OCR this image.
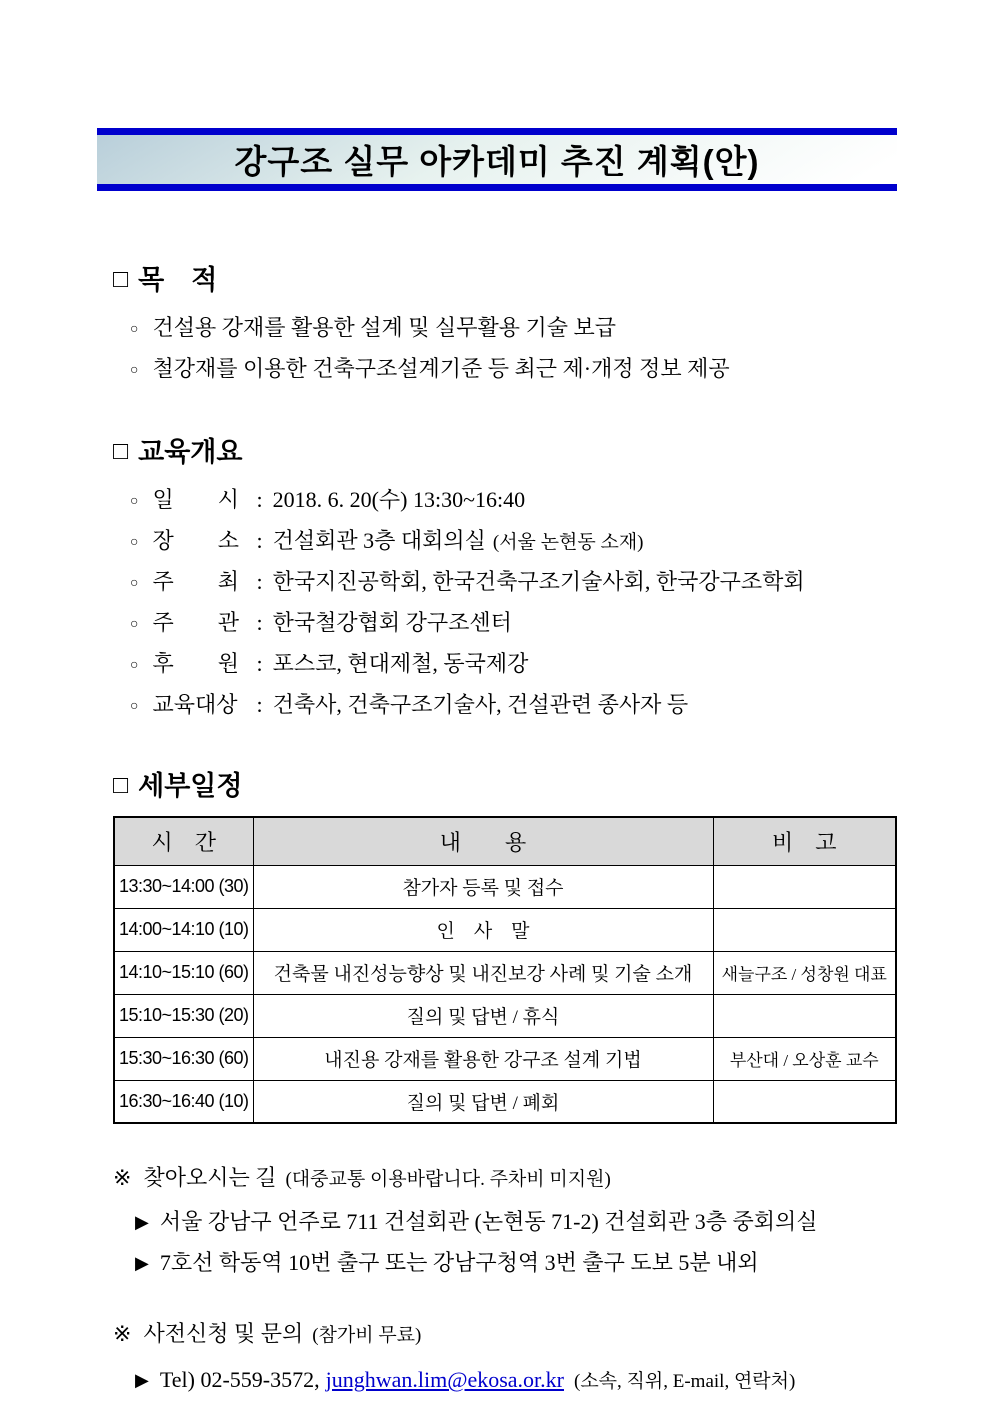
강구조 실무 아카데미 추진 계획(안)
□ 목　적
○ 건설용 강재를 활용한 설계 및 실무활용 기술 보급
○ 철강재를 이용한 건축구조설계기준 등 최근 제·개정 정보 제공
□ 교육개요
○ 일　　시 : 2018. 6. 20(수) 13:30~16:40
○ 장　　소 : 건설회관 3층 대회의실 (서울 논현동 소재)
○ 주　　최 : 한국지진공학회, 한국건축구조기술사회, 한국강구조학회
○ 주　　관 : 한국철강협회 강구조센터
○ 후　　원 : 포스코, 현대제철, 동국제강
○ 교육대상 : 건축사, 건축구조기술사, 건설관련 종사자 등
□ 세부일정
시　간	내　　용	비　고
13:30~14:00 (30)	참가자 등록 및 접수	
14:00~14:10 (10)	인　사　말	
14:10~15:10 (60)	건축물 내진성능향상 및 내진보강 사례 및 기술 소개	새늘구조 / 성창원 대표
15:10~15:30 (20)	질의 및 답변 / 휴식	
15:30~16:30 (60)	내진용 강재를 활용한 강구조 설계 기법	부산대 / 오상훈 교수
16:30~16:40 (10)	질의 및 답변 / 폐회	
※ 찾아오시는 길 (대중교통 이용바랍니다. 주차비 미지원)
▶ 서울 강남구 언주로 711 건설회관 (논현동 71-2) 건설회관 3층 중회의실
▶ 7호선 학동역 10번 출구 또는 강남구청역 3번 출구 도보 5분 내외
※ 사전신청 및 문의 (참가비 무료)
▶ Tel) 02-559-3572, junghwan.lim@ekosa.or.kr (소속, 직위, E-mail, 연락처)
